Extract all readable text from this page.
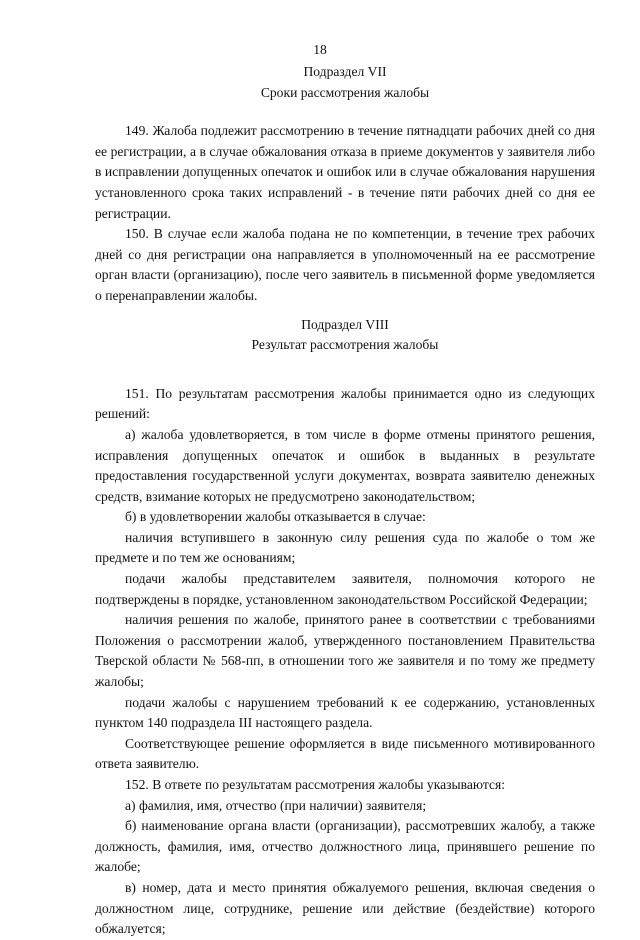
18
Подраздел VII
Сроки рассмотрения жалобы

149. Жалоба подлежит рассмотрению в течение пятнадцати рабочих дней со дня ее регистрации, а в случае обжалования отказа в приеме документов у заявителя либо в исправлении допущенных опечаток и ошибок или в случае обжалования нарушения установленного срока таких исправлений - в течение пяти рабочих дней со дня ее регистрации.

150. В случае если жалоба подана не по компетенции, в течение трех рабочих дней со дня регистрации она направляется в уполномоченный на ее рассмотрение орган власти (организацию), после чего заявитель в письменной форме уведомляется о перенаправлении жалобы.

Подраздел VIII
Результат рассмотрения жалобы

151. По результатам рассмотрения жалобы принимается одно из следующих решений:

а) жалоба удовлетворяется, в том числе в форме отмены принятого решения, исправления допущенных опечаток и ошибок в выданных в результате предоставления государственной услуги документах, возврата заявителю денежных средств, взимание которых не предусмотрено законодательством;

б) в удовлетворении жалобы отказывается в случае:

наличия вступившего в законную силу решения суда по жалобе о том же предмете и по тем же основаниям;

подачи жалобы представителем заявителя, полномочия которого не подтверждены в порядке, установленном законодательством Российской Федерации;

наличия решения по жалобе, принятого ранее в соответствии с требованиями Положения о рассмотрении жалоб, утвержденного постановлением Правительства Тверской области № 568-пп, в отношении того же заявителя и по тому же предмету жалобы;

подачи жалобы с нарушением требований к ее содержанию, установленных пунктом 140 подраздела III настоящего раздела.

Соответствующее решение оформляется в виде письменного мотивированного ответа заявителю.

152. В ответе по результатам рассмотрения жалобы указываются:

а) фамилия, имя, отчество (при наличии) заявителя;

б) наименование органа власти (организации), рассмотревших жалобу, а также должность, фамилия, имя, отчество должностного лица, принявшего решение по жалобе;

в) номер, дата и место принятия обжалуемого решения, включая сведения о должностном лице, сотруднике, решение или действие (бездействие) которого обжалуется;
